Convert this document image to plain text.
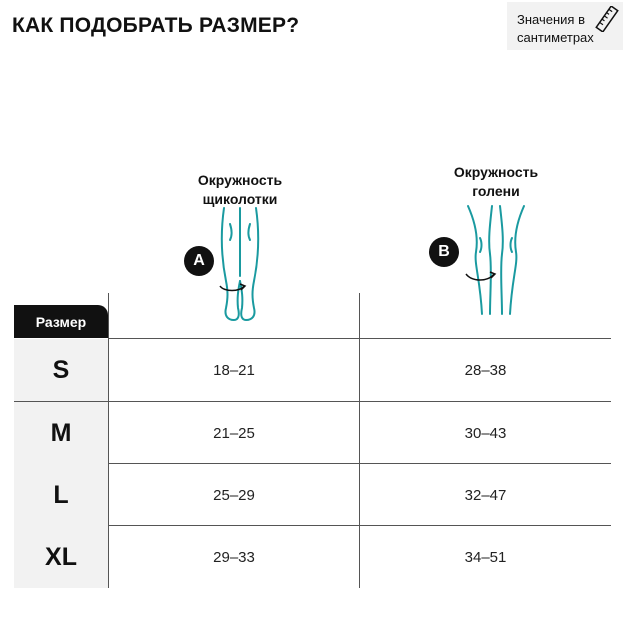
КАК ПОДОБРАТЬ РАЗМЕР?	Значения в сантиметрах
Окружность
щиколотки
A
Окружность
голени
B
Размер
S	18–21	28–38
M	21–25	30–43
L	25–29	32–47
XL	29–33	34–51
